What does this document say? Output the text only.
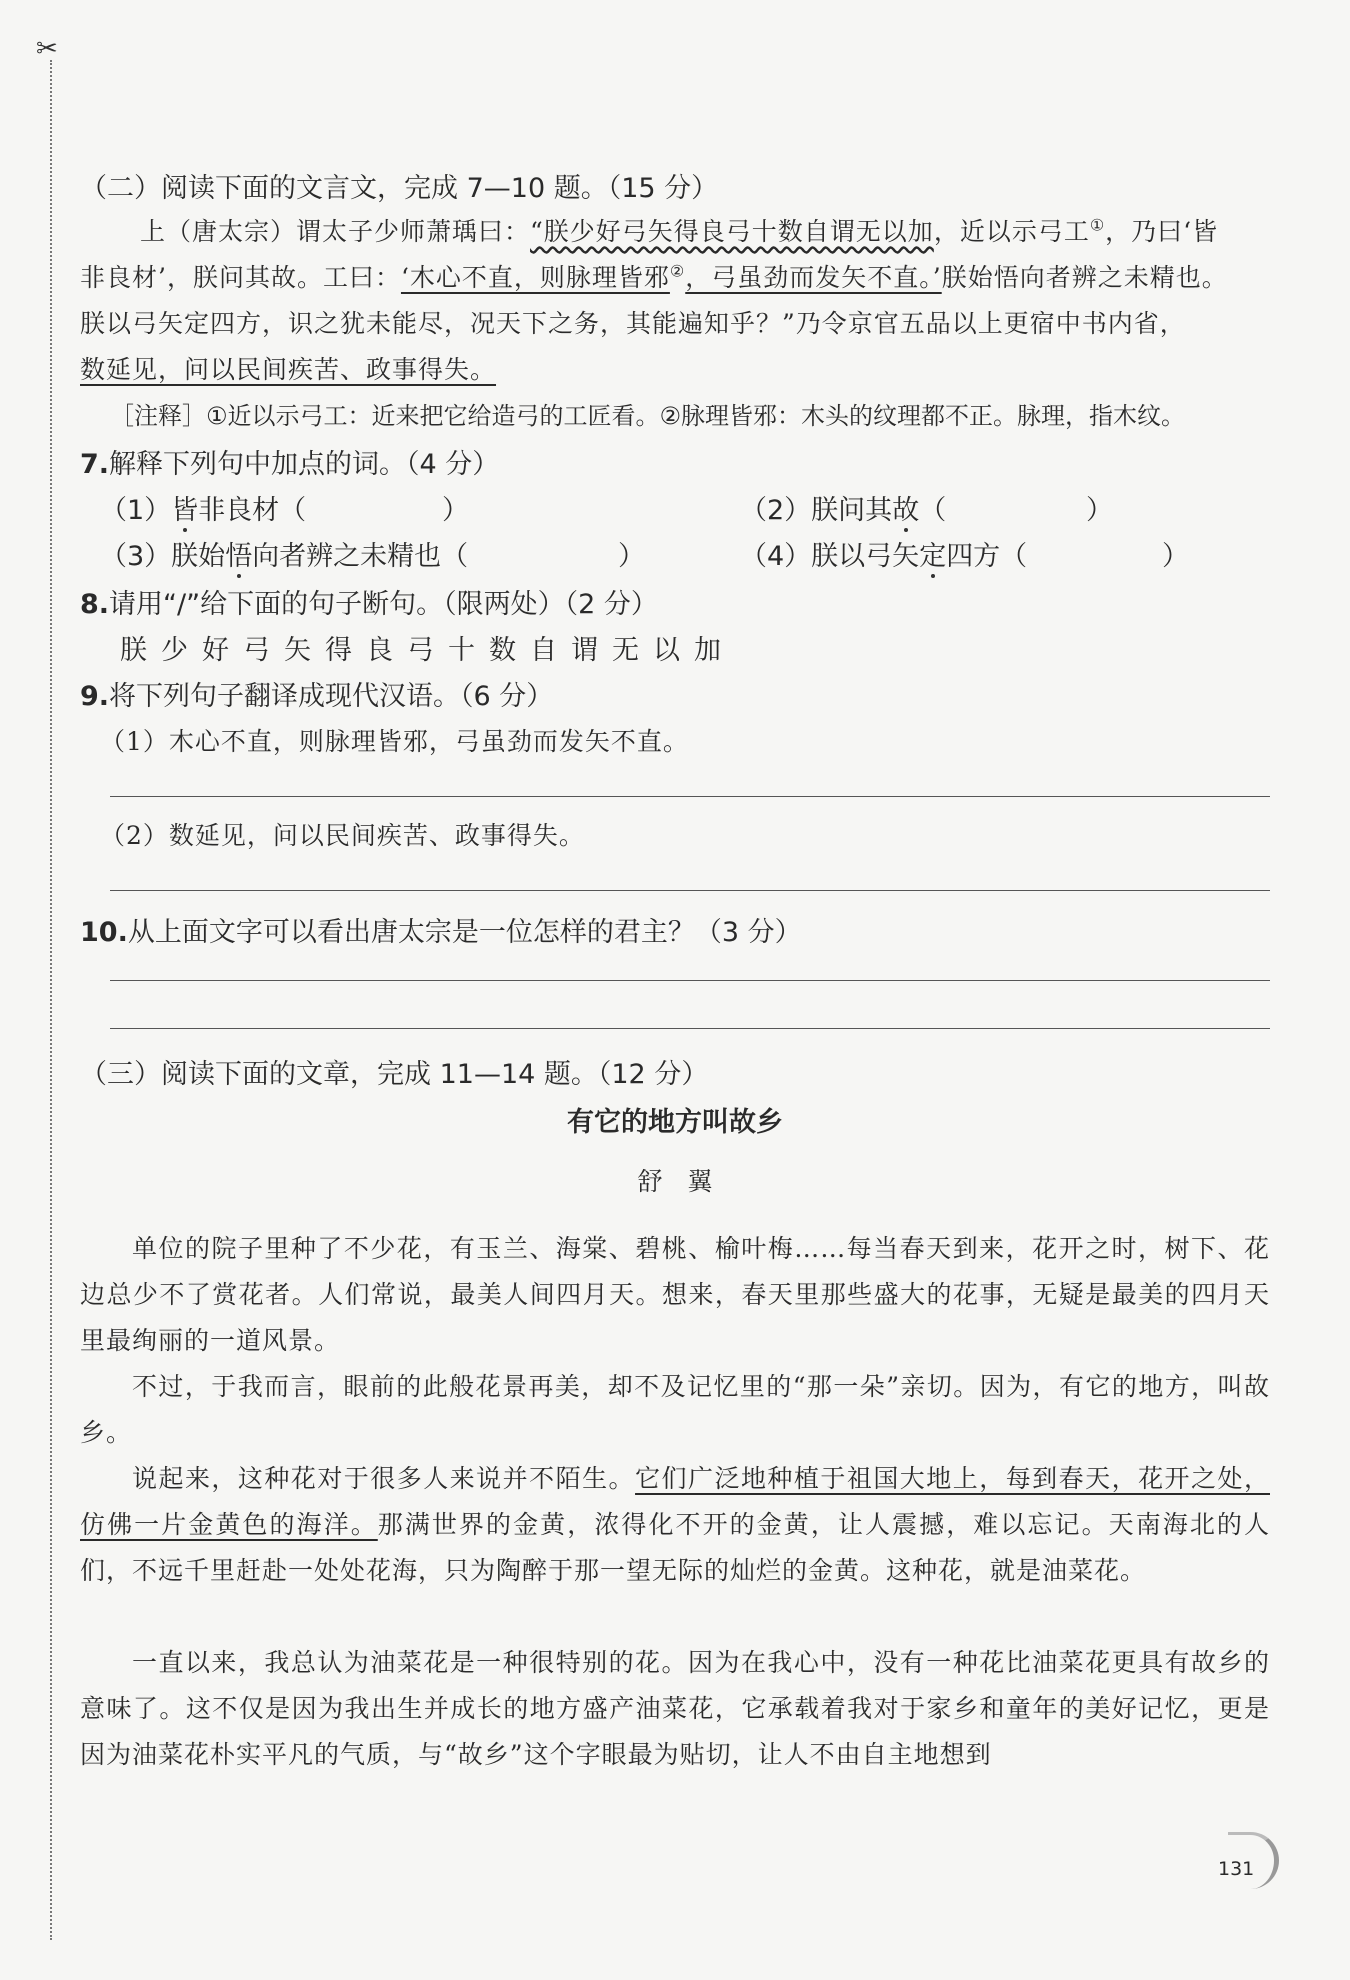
✂
（二）阅读下面的文言文，完成 7—10 题。（15 分）
上（唐太宗）谓太子少师萧瑀曰：“朕少好弓矢得良弓十数自谓无以加，近以示弓工①，乃曰‘皆
非良材’，朕问其故。工曰：‘木心不直，则脉理皆邪②，弓虽劲而发矢不直。’朕始悟向者辨之未精也。
朕以弓矢定四方，识之犹未能尽，况天下之务，其能遍知乎？”乃令京官五品以上更宿中书内省，
数延见，问以民间疾苦、政事得失。
［注释］①近以示弓工：近来把它给造弓的工匠看。②脉理皆邪：木头的纹理都不正。脉理，指木纹。
7.解释下列句中加点的词。（4 分）
（1）皆非良材（	）	（2）朕问其故（	）
（3）朕始悟向者辨之未精也（	）	（4）朕以弓矢定四方（	）
8.请用“/”给下面的句子断句。（限两处）（2 分）
朕少好弓矢得良弓十数自谓无以加
9.将下列句子翻译成现代汉语。（6 分）
（1）木心不直，则脉理皆邪，弓虽劲而发矢不直。
（2）数延见，问以民间疾苦、政事得失。
10.从上面文字可以看出唐太宗是一位怎样的君主？（3 分）
（三）阅读下面的文章，完成 11—14 题。（12 分）
有它的地方叫故乡
舒　翼
单位的院子里种了不少花，有玉兰、海棠、碧桃、榆叶梅……每当春天到来，花开之时，树下、花边总少不了赏花者。人们常说，最美人间四月天。想来，春天里那些盛大的花事，无疑是最美的四月天里最绚丽的一道风景。
不过，于我而言，眼前的此般花景再美，却不及记忆里的“那一朵”亲切。因为，有它的地方，叫故乡。
说起来，这种花对于很多人来说并不陌生。它们广泛地种植于祖国大地上，每到春天，花开之处，仿佛一片金黄色的海洋。那满世界的金黄，浓得化不开的金黄，让人震撼，难以忘记。天南海北的人们，不远千里赶赴一处处花海，只为陶醉于那一望无际的灿烂的金黄。这种花，就是油菜花。
一直以来，我总认为油菜花是一种很特别的花。因为在我心中，没有一种花比油菜花更具有故乡的意味了。这不仅是因为我出生并成长的地方盛产油菜花，它承载着我对于家乡和童年的美好记忆，更是因为油菜花朴实平凡的气质，与“故乡”这个字眼最为贴切，让人不由自主地想到
131
